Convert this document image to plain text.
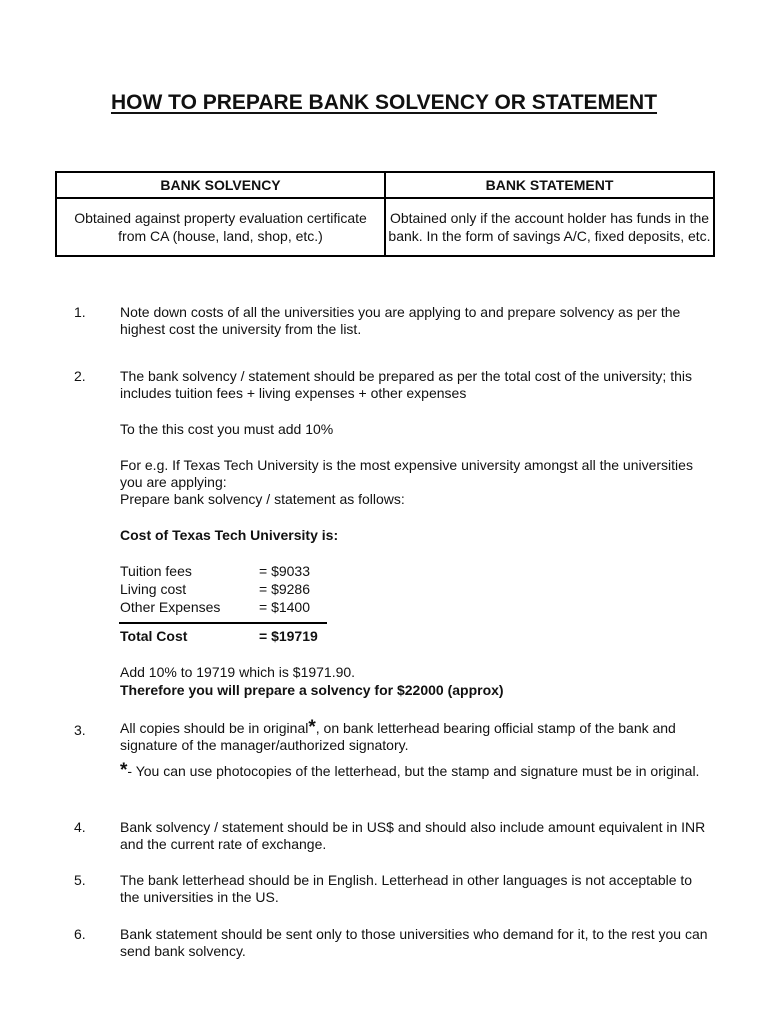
HOW TO PREPARE BANK SOLVENCY OR STATEMENT
BANK SOLVENCY	BANK STATEMENT
Obtained against property evaluation certificate from CA (house, land, shop, etc.)	Obtained only if the account holder has funds in the bank. In the form of savings A/C, fixed deposits, etc.
1. Note down costs of all the universities you are applying to and prepare solvency as per the highest cost the university from the list.
2. The bank solvency / statement should be prepared as per the total cost of the university; this includes tuition fees + living expenses + other expenses
To the this cost you must add 10%
For e.g. If Texas Tech University is the most expensive university amongst all the universities you are applying:
Prepare bank solvency / statement as follows:
Cost of Texas Tech University is:
Tuition fees	= $9033
Living cost	= $9286
Other Expenses	= $1400
Total Cost	= $19719
Add 10% to 19719 which is $1971.90.
Therefore you will prepare a solvency for $22000 (approx)
3. All copies should be in original*, on bank letterhead bearing official stamp of the bank and signature of the manager/authorized signatory.
*- You can use photocopies of the letterhead, but the stamp and signature must be in original.
4. Bank solvency / statement should be in US$ and should also include amount equivalent in INR and the current rate of exchange.
5. The bank letterhead should be in English. Letterhead in other languages is not acceptable to the universities in the US.
6. Bank statement should be sent only to those universities who demand for it, to the rest you can send bank solvency.
